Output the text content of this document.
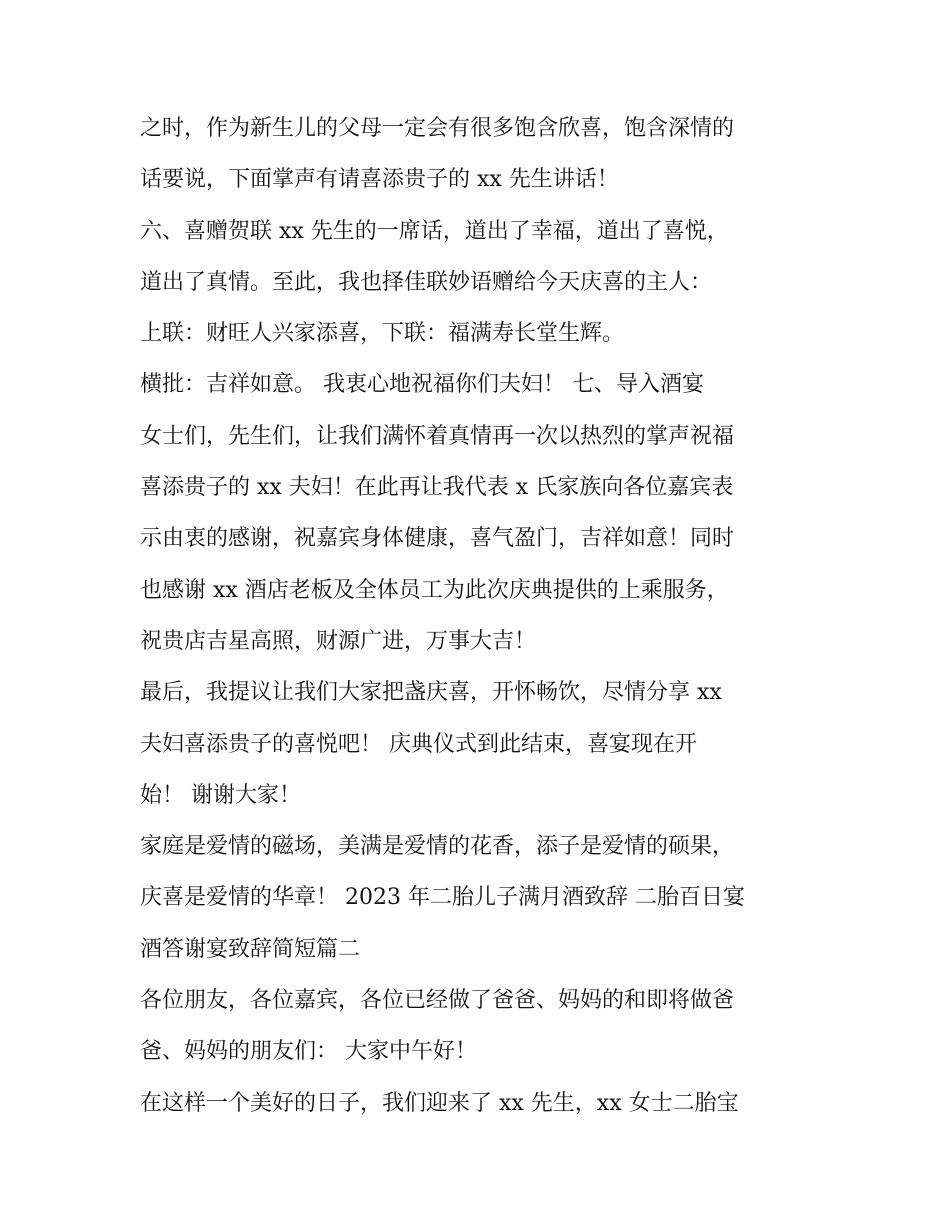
之时，作为新生儿的父母一定会有很多饱含欣喜，饱含深情的
话要说，下面掌声有请喜添贵子的 xx 先生讲话！
六、喜赠贺联 xx 先生的一席话，道出了幸福，道出了喜悦，
道出了真情。至此，我也择佳联妙语赠给今天庆喜的主人：
上联：财旺人兴家添喜，下联：福满寿长堂生辉。
横批：吉祥如意。 我衷心地祝福你们夫妇！ 七、导入酒宴
女士们，先生们，让我们满怀着真情再一次以热烈的掌声祝福
喜添贵子的 xx 夫妇！在此再让我代表 x 氏家族向各位嘉宾表
示由衷的感谢，祝嘉宾身体健康，喜气盈门，吉祥如意！同时
也感谢 xx 酒店老板及全体员工为此次庆典提供的上乘服务，
祝贵店吉星高照，财源广进，万事大吉！
最后，我提议让我们大家把盏庆喜，开怀畅饮，尽情分享 xx
夫妇喜添贵子的喜悦吧！ 庆典仪式到此结束，喜宴现在开
始！ 谢谢大家！
家庭是爱情的磁场，美满是爱情的花香，添子是爱情的硕果，
庆喜是爱情的华章！ 2023 年二胎儿子满月酒致辞 二胎百日宴
酒答谢宴致辞简短篇二
各位朋友，各位嘉宾，各位已经做了爸爸、妈妈的和即将做爸
爸、妈妈的朋友们： 大家中午好！
在这样一个美好的日子，我们迎来了 xx 先生，xx 女士二胎宝
